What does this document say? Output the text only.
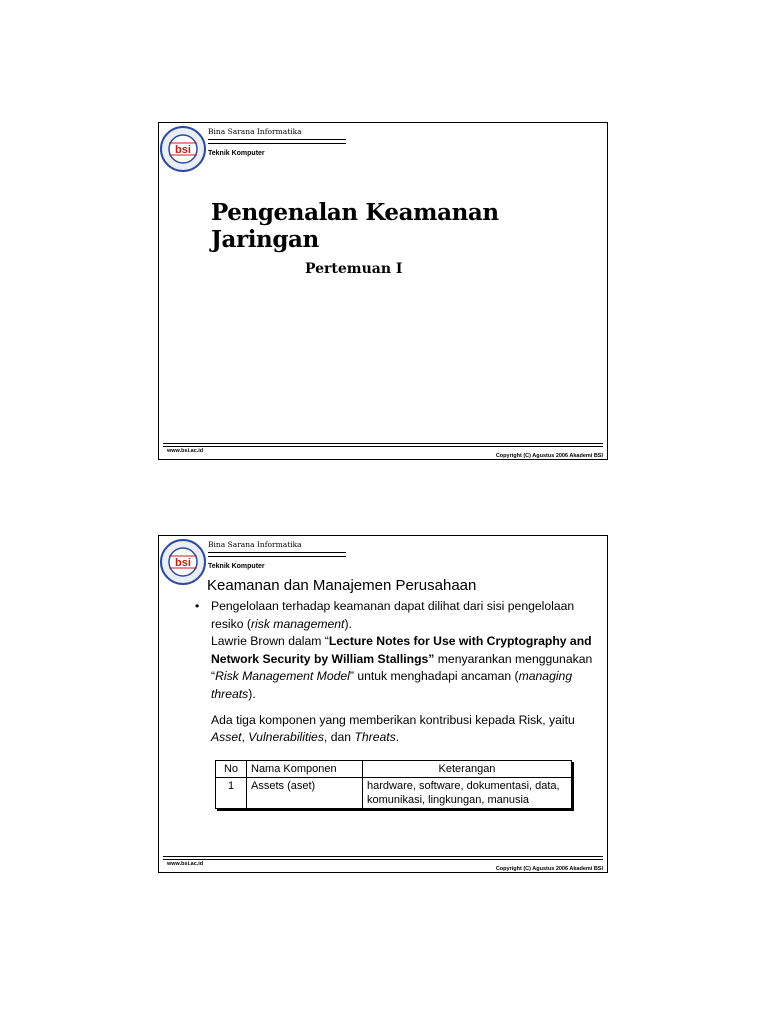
bsi
Bina Sarana Informatika
Teknik Komputer
Pengenalan Keamanan Jaringan
Pertemuan I
www.bsi.ac.id
Copyright (C) Agustus 2006 Akademi BSI
bsi
Bina Sarana Informatika
Teknik Komputer
Keamanan dan Manajemen Perusahaan
• Pengelolaan terhadap keamanan dapat dilihat dari sisi pengelolaan resiko (risk management).

Lawrie Brown dalam “Lecture Notes for Use with Cryptography and Network Security by William Stallings” menyarankan menggunakan “Risk Management Model” untuk menghadapi ancaman (managing threats).

Ada tiga komponen yang memberikan kontribusi kepada Risk, yaitu Asset, Vulnerabilities, dan Threats.

No	Nama Komponen	Keterangan
1	Assets (aset)	hardware, software, dokumentasi, data, komunikasi, lingkungan, manusia
www.bsi.ac.id
Copyright (C) Agustus 2006 Akademi BSI
